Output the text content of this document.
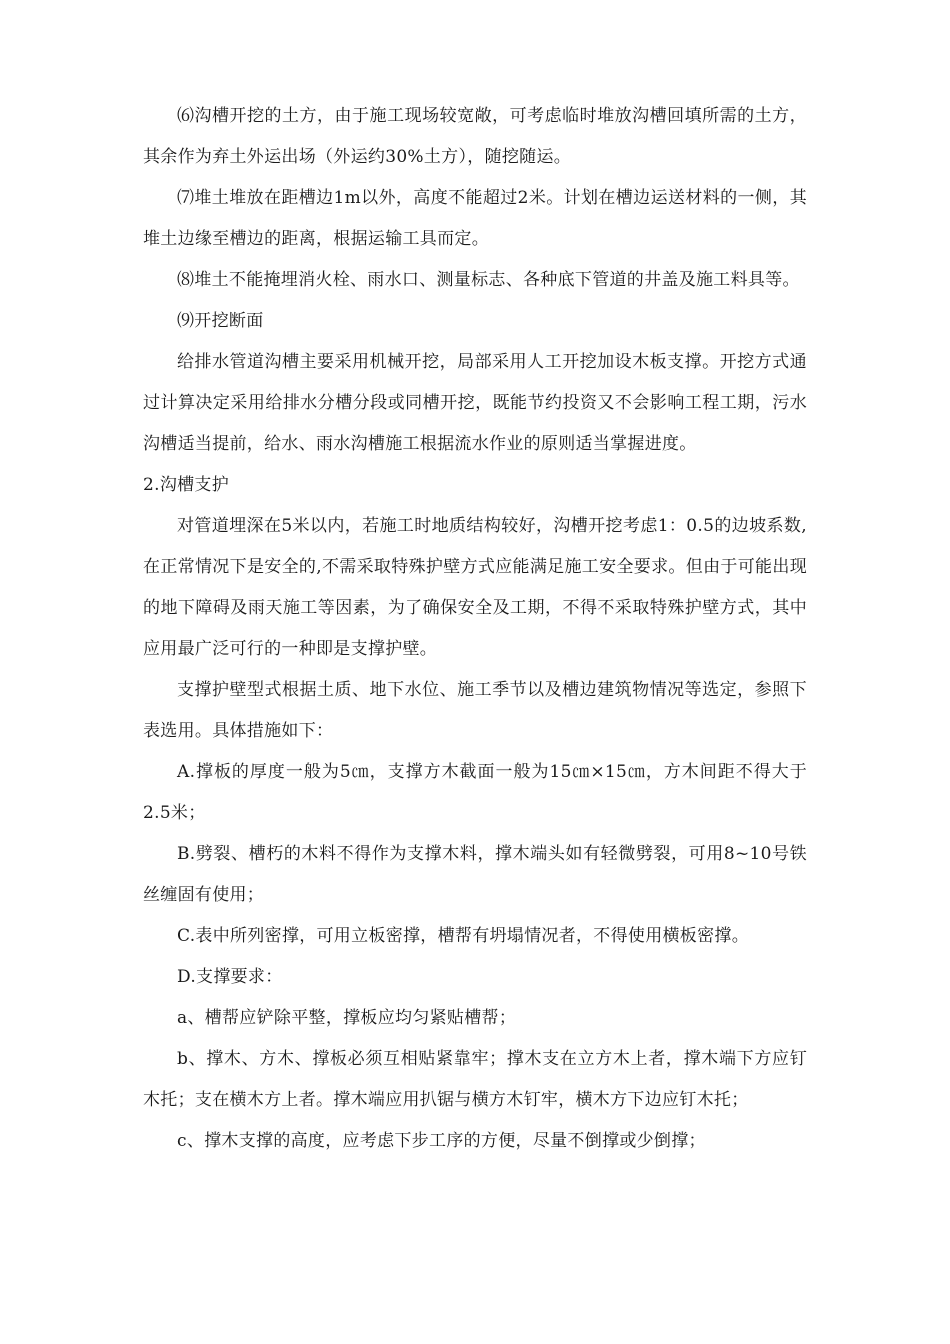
⑹沟槽开挖的土方，由于施工现场较宽敞，可考虑临时堆放沟槽回填所需的土方，其余作为弃土外运出场（外运约30%土方），随挖随运。

⑺堆土堆放在距槽边1m以外，高度不能超过2米。计划在槽边运送材料的一侧，其堆土边缘至槽边的距离，根据运输工具而定。

⑻堆土不能掩埋消火栓、雨水口、测量标志、各种底下管道的井盖及施工料具等。

⑼开挖断面

给排水管道沟槽主要采用机械开挖，局部采用人工开挖加设木板支撑。开挖方式通过计算决定采用给排水分槽分段或同槽开挖，既能节约投资又不会影响工程工期，污水沟槽适当提前，给水、雨水沟槽施工根据流水作业的原则适当掌握进度。

2.沟槽支护

对管道埋深在5米以内，若施工时地质结构较好，沟槽开挖考虑1：0.5的边坡系数,在正常情况下是安全的,不需采取特殊护壁方式应能满足施工安全要求。但由于可能出现的地下障碍及雨天施工等因素，为了确保安全及工期，不得不采取特殊护壁方式，其中应用最广泛可行的一种即是支撑护壁。

支撑护壁型式根据土质、地下水位、施工季节以及槽边建筑物情况等选定，参照下表选用。具体措施如下：

A.撑板的厚度一般为5㎝，支撑方木截面一般为15㎝×15㎝，方木间距不得大于2.5米；

B.劈裂、槽朽的木料不得作为支撑木料，撑木端头如有轻微劈裂，可用8~10号铁丝缠固有使用；

C.表中所列密撑，可用立板密撑，槽帮有坍塌情况者，不得使用横板密撑。

D.支撑要求：

a、槽帮应铲除平整，撑板应均匀紧贴槽帮；

b、撑木、方木、撑板必须互相贴紧靠牢；撑木支在立方木上者，撑木端下方应钉木托；支在横木方上者。撑木端应用扒锯与横方木钉牢，横木方下边应钉木托；

c、撑木支撑的高度，应考虑下步工序的方便，尽量不倒撑或少倒撑；
